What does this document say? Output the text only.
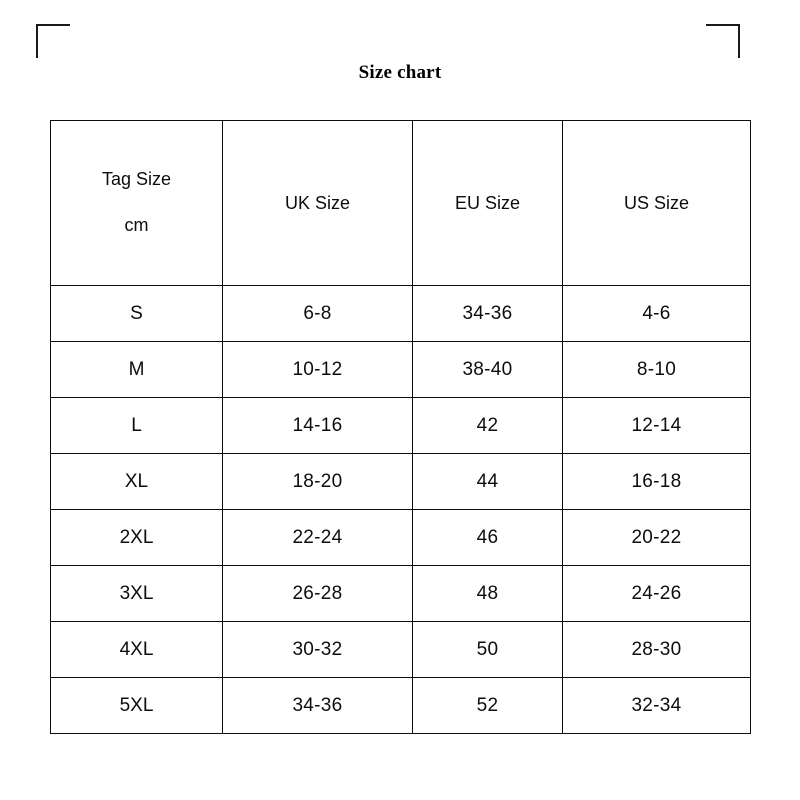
Size chart
Tag Size
cm	UK Size	EU Size	US Size
S	6-8	34-36	4-6
M	10-12	38-40	8-10
L	14-16	42	12-14
XL	18-20	44	16-18
2XL	22-24	46	20-22
3XL	26-28	48	24-26
4XL	30-32	50	28-30
5XL	34-36	52	32-34
